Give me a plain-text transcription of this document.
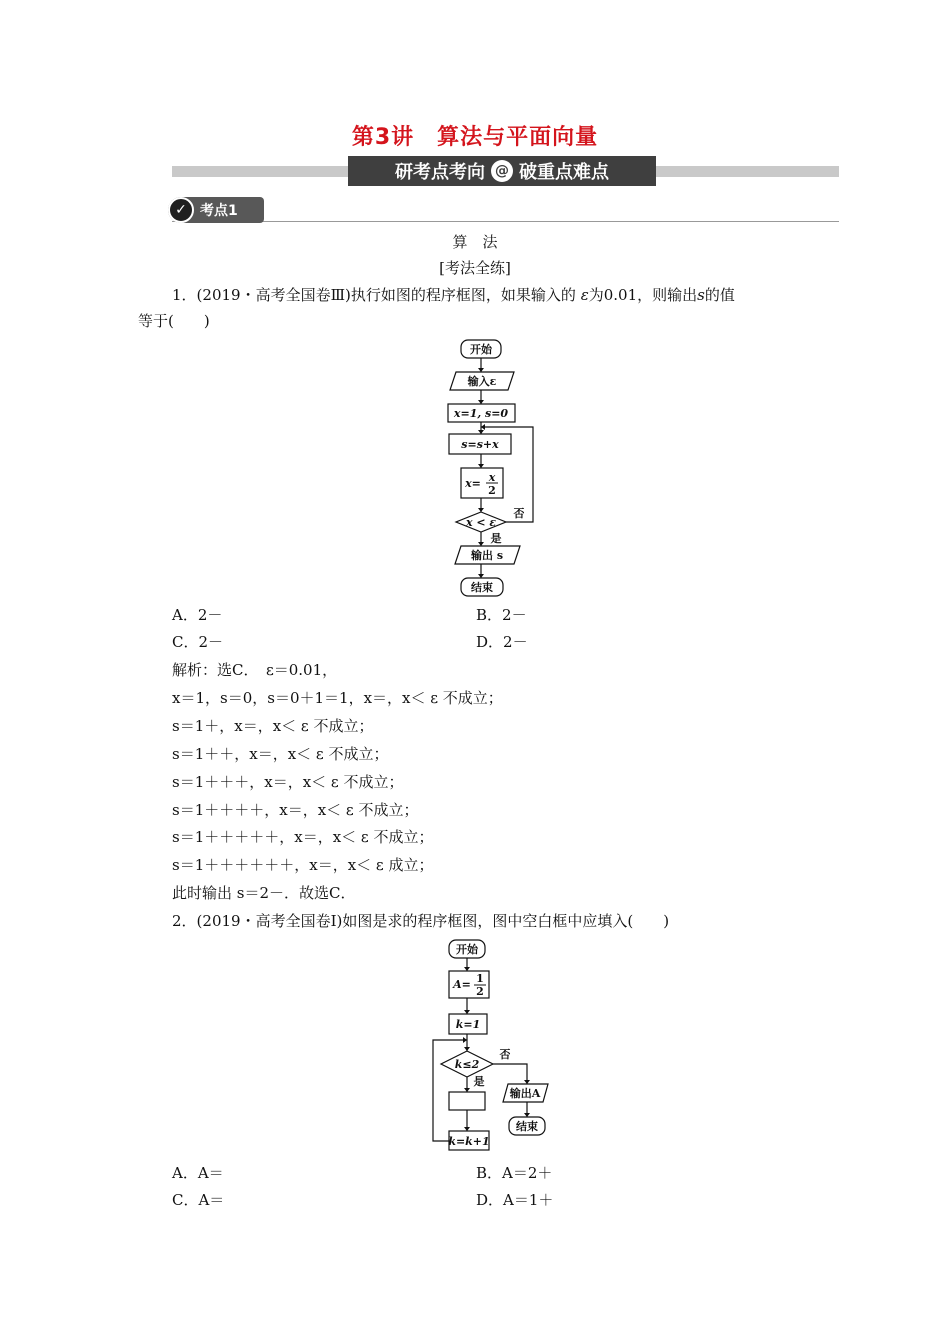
第3讲　算法与平面向量
研考点考向 @ 破重点难点
✓ 考点1
算　法
[考法全练]
1．(2019・高考全国卷Ⅲ)执行如图的程序框图，如果输入的 ε为0.01，则输出s的值
等于(　　)
开始
输入ε
x=1, s=0
s=s+x
x= x
2
x < ε
否
是
输出 s
结束
A．2－	B．2－
C．2－	D．2－
解析：选C．　ε＝0.01，
x＝1，s＝0，s＝0＋1＝1，x＝，x＜ ε 不成立；
s＝1＋，x＝，x＜ ε 不成立；
s＝1＋＋，x＝，x＜ ε 不成立；
s＝1＋＋＋，x＝，x＜ ε 不成立；
s＝1＋＋＋＋，x＝，x＜ ε 不成立；
s＝1＋＋＋＋＋，x＝，x＜ ε 不成立；
s＝1＋＋＋＋＋＋，x＝，x＜ ε 成立；
此时输出 s＝2－．故选C．
2．(2019・高考全国卷Ⅰ)如图是求的程序框图，图中空白框中应填入(　　)
开始
A= 1
2
k=1
k≤2
否
是
输出A
结束
k=k+1
A．A＝	B．A＝2＋
C．A＝	D．A＝1＋
